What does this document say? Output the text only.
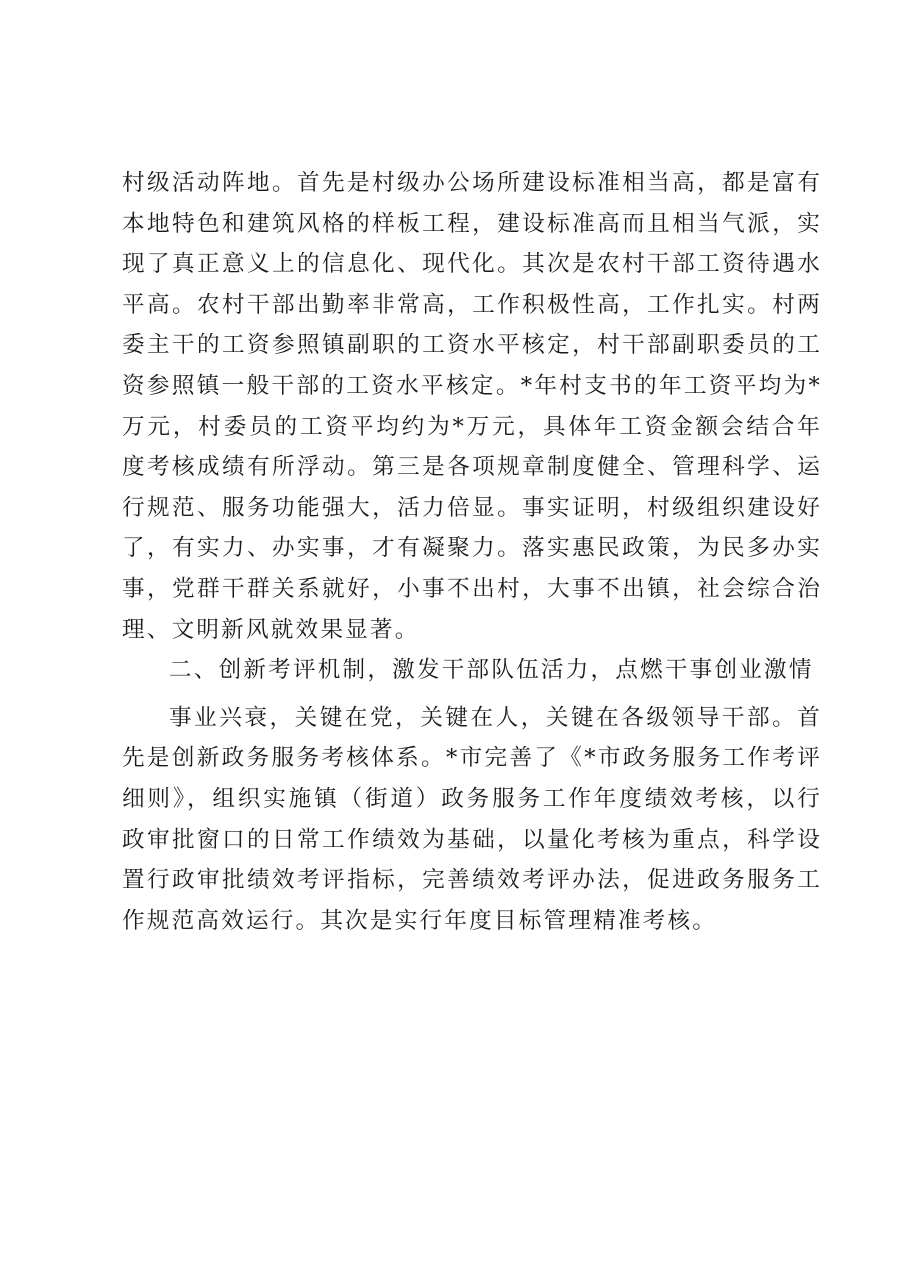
村级活动阵地。首先是村级办公场所建设标准相当高，都是富有本地特色和建筑风格的样板工程，建设标准高而且相当气派，实现了真正意义上的信息化、现代化。其次是农村干部工资待遇水平高。农村干部出勤率非常高，工作积极性高，工作扎实。村两委主干的工资参照镇副职的工资水平核定，村干部副职委员的工资参照镇一般干部的工资水平核定。*年村支书的年工资平均为*万元，村委员的工资平均约为*万元，具体年工资金额会结合年度考核成绩有所浮动。第三是各项规章制度健全、管理科学、运行规范、服务功能强大，活力倍显。事实证明，村级组织建设好了，有实力、办实事，才有凝聚力。落实惠民政策，为民多办实事，党群干群关系就好，小事不出村，大事不出镇，社会综合治理、文明新风就效果显著。

二、创新考评机制，激发干部队伍活力，点燃干事创业激情

事业兴衰，关键在党，关键在人，关键在各级领导干部。首先是创新政务服务考核体系。*市完善了《*市政务服务工作考评细则》，组织实施镇（街道）政务服务工作年度绩效考核，以行政审批窗口的日常工作绩效为基础，以量化考核为重点，科学设置行政审批绩效考评指标，完善绩效考评办法，促进政务服务工作规范高效运行。其次是实行年度目标管理精准考核。
